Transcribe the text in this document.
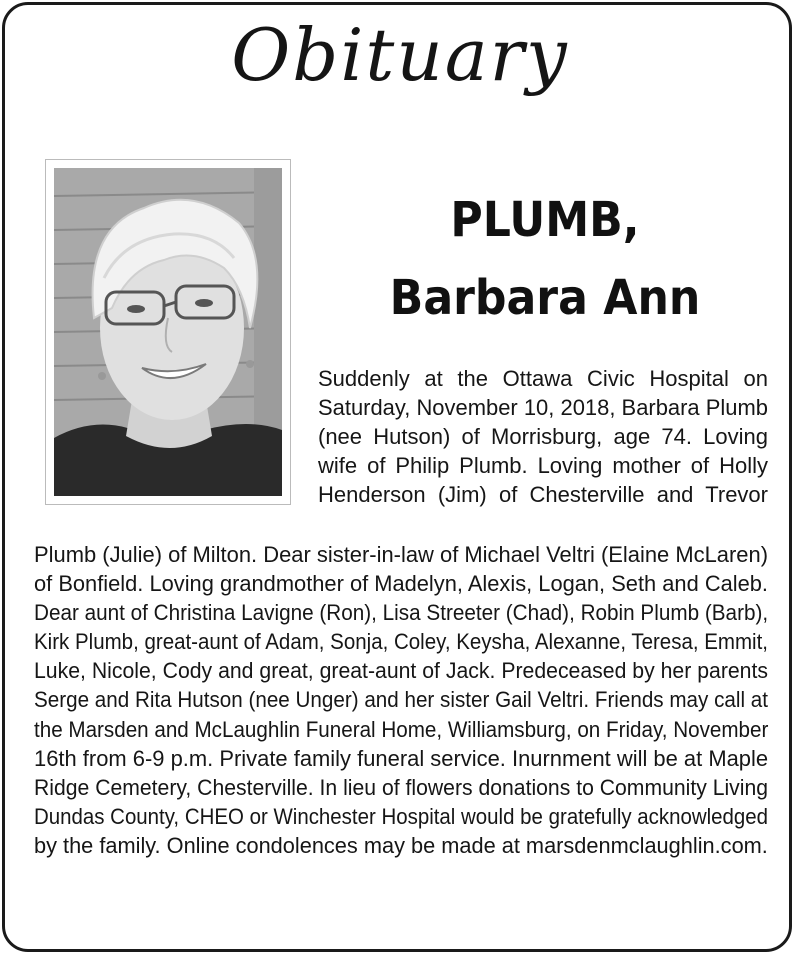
Obituary
PLUMB,
Barbara Ann
Suddenly at the Ottawa Civic Hospital on
Saturday, November 10, 2018, Barbara Plumb
(nee Hutson) of Morrisburg, age 74. Loving
wife of Philip Plumb. Loving mother of Holly
Henderson (Jim) of Chesterville and Trevor
Plumb (Julie) of Milton. Dear sister-in-law of Michael Veltri (Elaine McLaren)
of Bonfield. Loving grandmother of Madelyn, Alexis, Logan, Seth and Caleb.
Dear aunt of Christina Lavigne (Ron), Lisa Streeter (Chad), Robin Plumb (Barb),
Kirk Plumb, great-aunt of Adam, Sonja, Coley, Keysha, Alexanne, Teresa, Emmit,
Luke, Nicole, Cody and great, great-aunt of Jack. Predeceased by her parents
Serge and Rita Hutson (nee Unger) and her sister Gail Veltri. Friends may call at
the Marsden and McLaughlin Funeral Home, Williamsburg, on Friday, November
16th from 6-9 p.m. Private family funeral service. Inurnment will be at Maple
Ridge Cemetery, Chesterville. In lieu of flowers donations to Community Living
Dundas County, CHEO or Winchester Hospital would be gratefully acknowledged
by the family. Online condolences may be made at marsdenmclaughlin.com.
